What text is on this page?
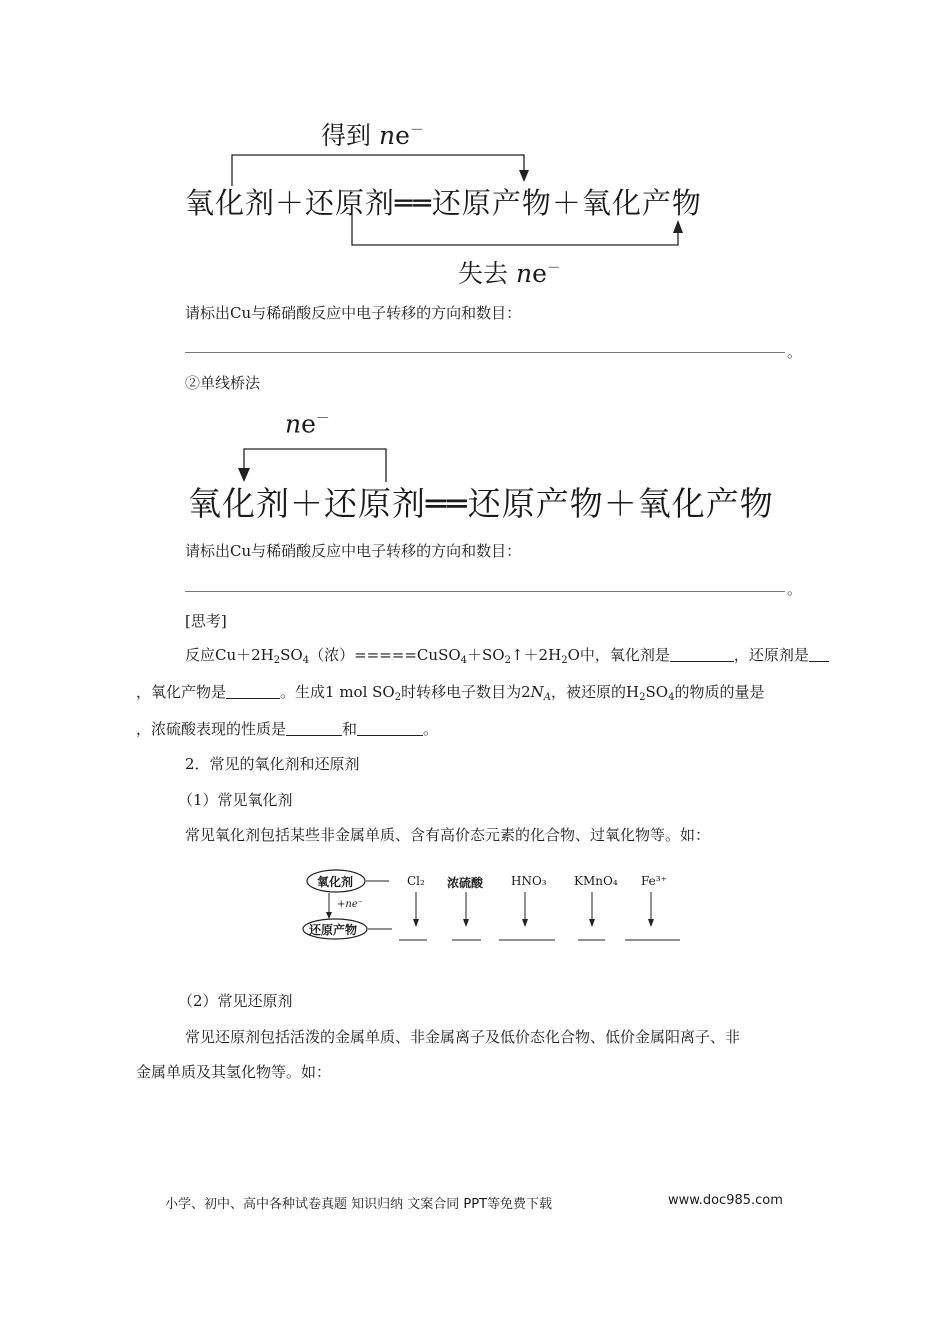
得到 ne－
氧化剂＋还原剂══还原产物＋氧化产物
失去 ne－
请标出Cu与稀硝酸反应中电子转移的方向和数目：
。
②单线桥法
ne－
氧化剂＋还原剂══还原产物＋氧化产物
请标出Cu与稀硝酸反应中电子转移的方向和数目：
。
[思考]
反应$Cu+2H_2SO_4$（浓）$=====CuSO_4+SO_2↑+2H_2O$中，氧化剂是	，还原剂是
，氧化产物是	。生成1 mol $SO_2$时转移电子数目为$2N_A$，被还原的$H_2SO_4$的物质的量是
，浓硫酸表现的性质是	和	。
2．常见的氧化剂和还原剂
（1）常见氧化剂
常见氧化剂包括某些非金属单质、含有高价态元素的化合物、过氧化物等。如：
氧化剂
+ne⁻
还原产物
Cl₂ 浓硫酸 HNO₃ KMnO₄ Fe³⁺
（2）常见还原剂
常见还原剂包括活泼的金属单质、非金属离子及低价态化合物、低价金属阳离子、非
金属单质及其氢化物等。如：
小学、初中、高中各种试卷真题 知识归纳 文案合同 PPT等免费下载	www.doc985.com
